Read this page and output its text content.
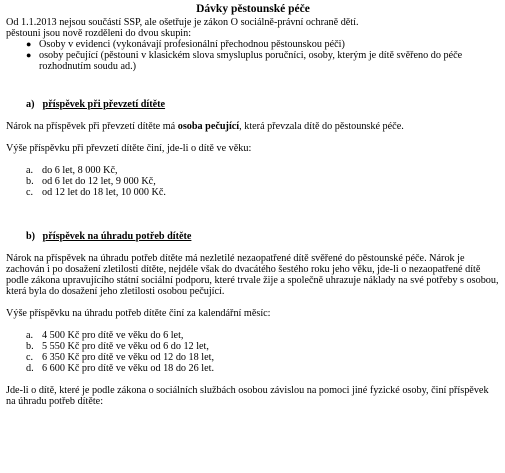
Dávky pěstounské péče

Od 1.1.2013 nejsou součástí SSP, ale ošetřuje je zákon O sociálně-právní ochraně dětí.

pěstouni jsou nově rozděleni do dvou skupin:

● Osoby v evidenci (vykonávají profesionální přechodnou pěstounskou péči)
● osoby pečující (pěstouni v klasickém slova smysluplus poručníci, osoby, kterým je dítě svěřeno do péče rozhodnutím soudu ad.)
a) příspěvek při převzetí dítěte

Nárok na příspěvek při převzetí dítěte má osoba pečující, která převzala dítě do pěstounské péče.

Výše příspěvku při převzetí dítěte činí, jde-li o dítě ve věku:

a. do 6 let, 8 000 Kč,
b. od 6 let do 12 let, 9 000 Kč,
c. od 12 let do 18 let, 10 000 Kč.
b) příspěvek na úhradu potřeb dítěte

Nárok na příspěvek na úhradu potřeb dítěte má nezletilé nezaopatřené dítě svěřené do pěstounské péče. Nárok je zachován i po dosažení zletilosti dítěte, nejdéle však do dvacátého šestého roku jeho věku, jde-li o nezaopatřené dítě podle zákona upravujícího státní sociální podporu, které trvale žije a společně uhrazuje náklady na své potřeby s osobou, která byla do dosažení jeho zletilosti osobou pečující.

Výše příspěvku na úhradu potřeb dítěte činí za kalendářní měsíc:

a. 4 500 Kč pro dítě ve věku do 6 let,
b. 5 550 Kč pro dítě ve věku od 6 do 12 let,
c. 6 350 Kč pro dítě ve věku od 12 do 18 let,
d. 6 600 Kč pro dítě ve věku od 18 do 26 let.

Jde-li o dítě, které je podle zákona o sociálních službách osobou závislou na pomoci jiné fyzické osoby, činí příspěvek na úhradu potřeb dítěte:
